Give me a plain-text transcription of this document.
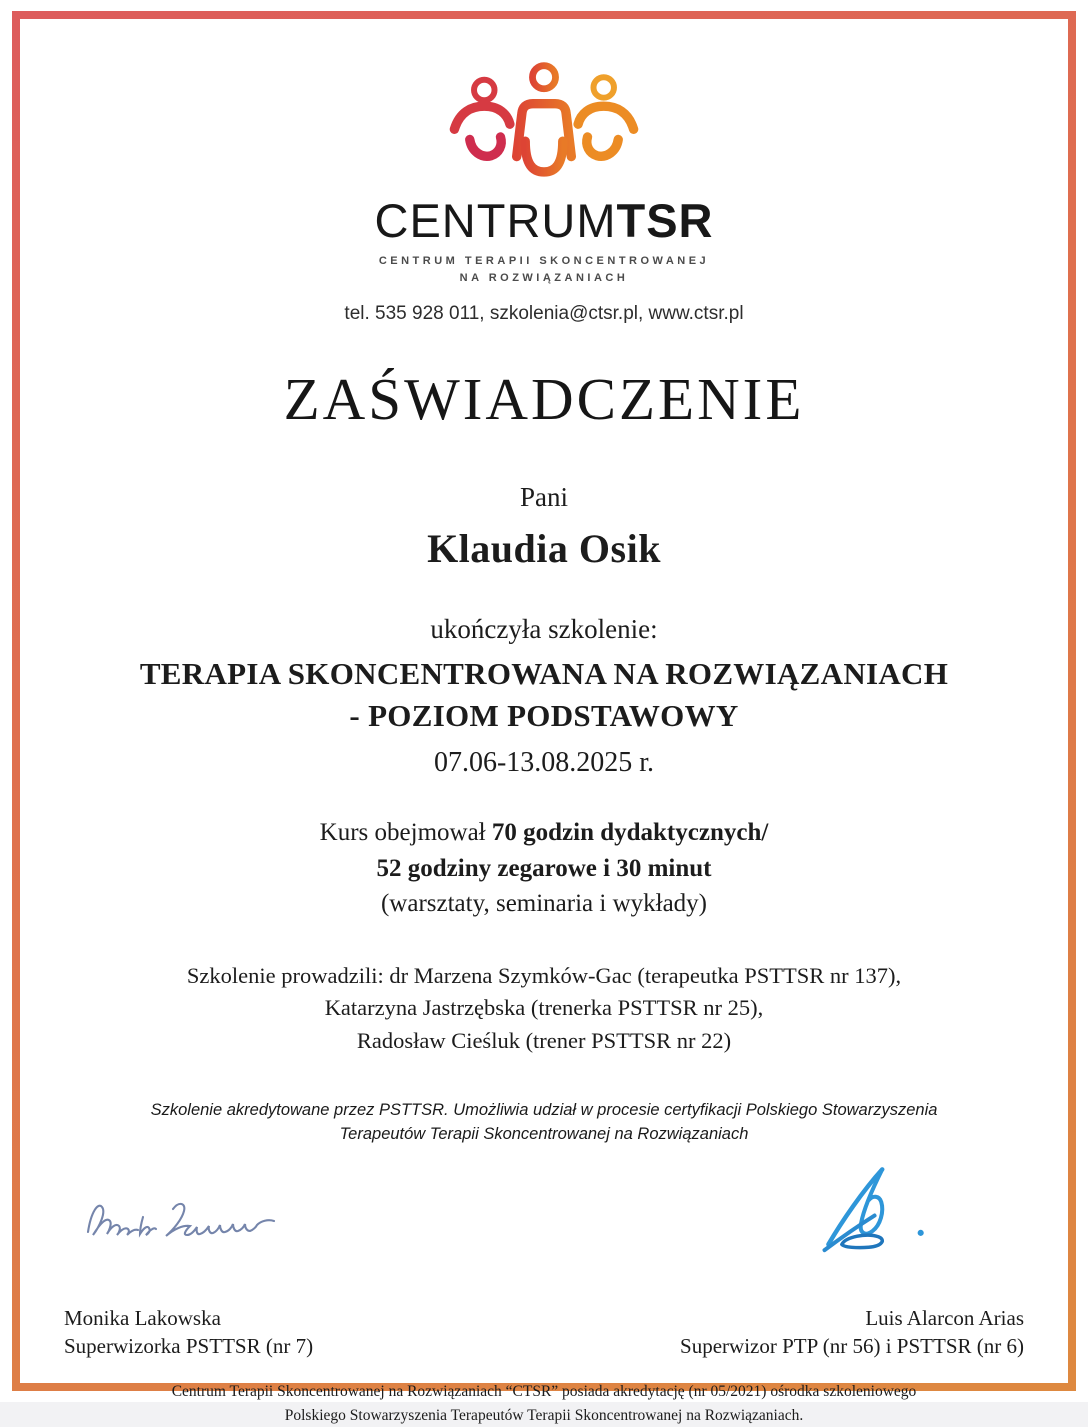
CENTRUMTSR
CENTRUM TERAPII SKONCENTROWANEJ
NA ROZWIĄZANIACH
tel. 535 928 011, szkolenia@ctsr.pl, www.ctsr.pl
ZAŚWIADCZENIE
Pani
Klaudia Osik
ukończyła szkolenie:
TERAPIA SKONCENTROWANA NA ROZWIĄZANIACH
- POZIOM PODSTAWOWY
07.06-13.08.2025 r.
Kurs obejmował 70 godzin dydaktycznych/
52 godziny zegarowe i 30 minut
(warsztaty, seminaria i wykłady)
Szkolenie prowadzili: dr Marzena Szymków-Gac (terapeutka PSTTSR nr 137),
Katarzyna Jastrzębska (trenerka PSTTSR nr 25),
Radosław Cieśluk (trener PSTTSR nr 22)
Szkolenie akredytowane przez PSTTSR. Umożliwia udział w procesie certyfikacji Polskiego Stowarzyszenia
Terapeutów Terapii Skoncentrowanej na Rozwiązaniach
Monika Lakowska
Superwizorka PSTTSR (nr 7)
Luis Alarcon Arias
Superwizor PTP (nr 56) i PSTTSR (nr 6)
Centrum Terapii Skoncentrowanej na Rozwiązaniach “CTSR” posiada akredytację (nr 05/2021) ośrodka szkoleniowego
Polskiego Stowarzyszenia Terapeutów Terapii Skoncentrowanej na Rozwiązaniach.
